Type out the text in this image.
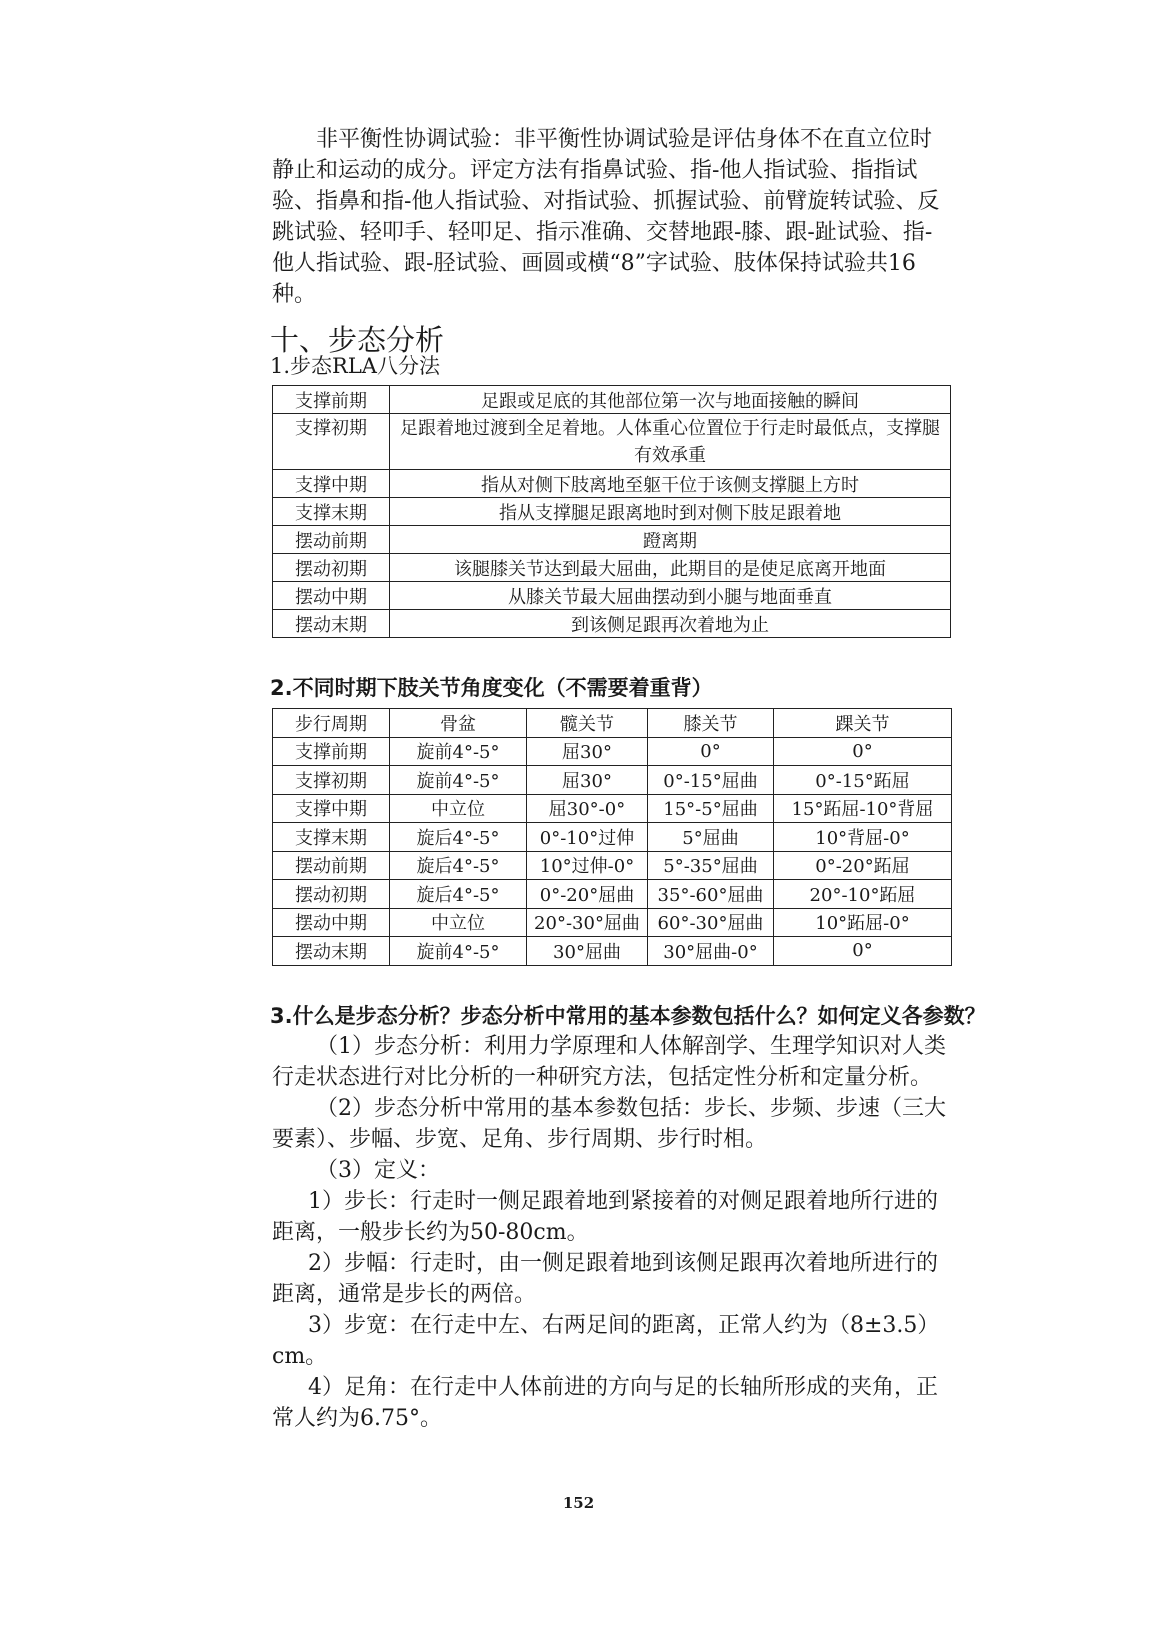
非平衡性协调试验：非平衡性协调试验是评估身体不在直立位时静止和运动的成分。评定方法有指鼻试验、指-他人指试验、指指试验、指鼻和指-他人指试验、对指试验、抓握试验、前臂旋转试验、反跳试验、轻叩手、轻叩足、指示准确、交替地跟-膝、跟-趾试验、指-他人指试验、跟-胫试验、画圆或横“8”字试验、肢体保持试验共16种。

十、步态分析
1.步态RLA八分法
支撑前期	足跟或足底的其他部位第一次与地面接触的瞬间
支撑初期	足跟着地过渡到全足着地。人体重心位置位于行走时最低点，支撑腿有效承重
支撑中期	指从对侧下肢离地至躯干位于该侧支撑腿上方时
支撑末期	指从支撑腿足跟离地时到对侧下肢足跟着地
摆动前期	蹬离期
摆动初期	该腿膝关节达到最大屈曲，此期目的是使足底离开地面
摆动中期	从膝关节最大屈曲摆动到小腿与地面垂直
摆动末期	到该侧足跟再次着地为止
2.不同时期下肢关节角度变化（不需要着重背）
步行周期	骨盆	髋关节	膝关节	踝关节
支撑前期	旋前4°-5°	屈30°	0°	0°
支撑初期	旋前4°-5°	屈30°	0°-15°屈曲	0°-15°跖屈
支撑中期	中立位	屈30°-0°	15°-5°屈曲	15°跖屈-10°背屈
支撑末期	旋后4°-5°	0°-10°过伸	5°屈曲	10°背屈-0°
摆动前期	旋后4°-5°	10°过伸-0°	5°-35°屈曲	0°-20°跖屈
摆动初期	旋后4°-5°	0°-20°屈曲	35°-60°屈曲	20°-10°跖屈
摆动中期	中立位	20°-30°屈曲	60°-30°屈曲	10°跖屈-0°
摆动末期	旋前4°-5°	30°屈曲	30°屈曲-0°	0°
3.什么是步态分析？步态分析中常用的基本参数包括什么？如何定义各参数？

（1）步态分析：利用力学原理和人体解剖学、生理学知识对人类行走状态进行对比分析的一种研究方法，包括定性分析和定量分析。

（2）步态分析中常用的基本参数包括：步长、步频、步速（三大要素）、步幅、步宽、足角、步行周期、步行时相。

（3）定义：

1）步长：行走时一侧足跟着地到紧接着的对侧足跟着地所行进的距离，一般步长约为50-80cm。

2）步幅：行走时，由一侧足跟着地到该侧足跟再次着地所进行的距离，通常是步长的两倍。

3）步宽：在行走中左、右两足间的距离，正常人约为（8±3.5）cm。

4）足角：在行走中人体前进的方向与足的长轴所形成的夹角，正常人约为6.75°。

152
